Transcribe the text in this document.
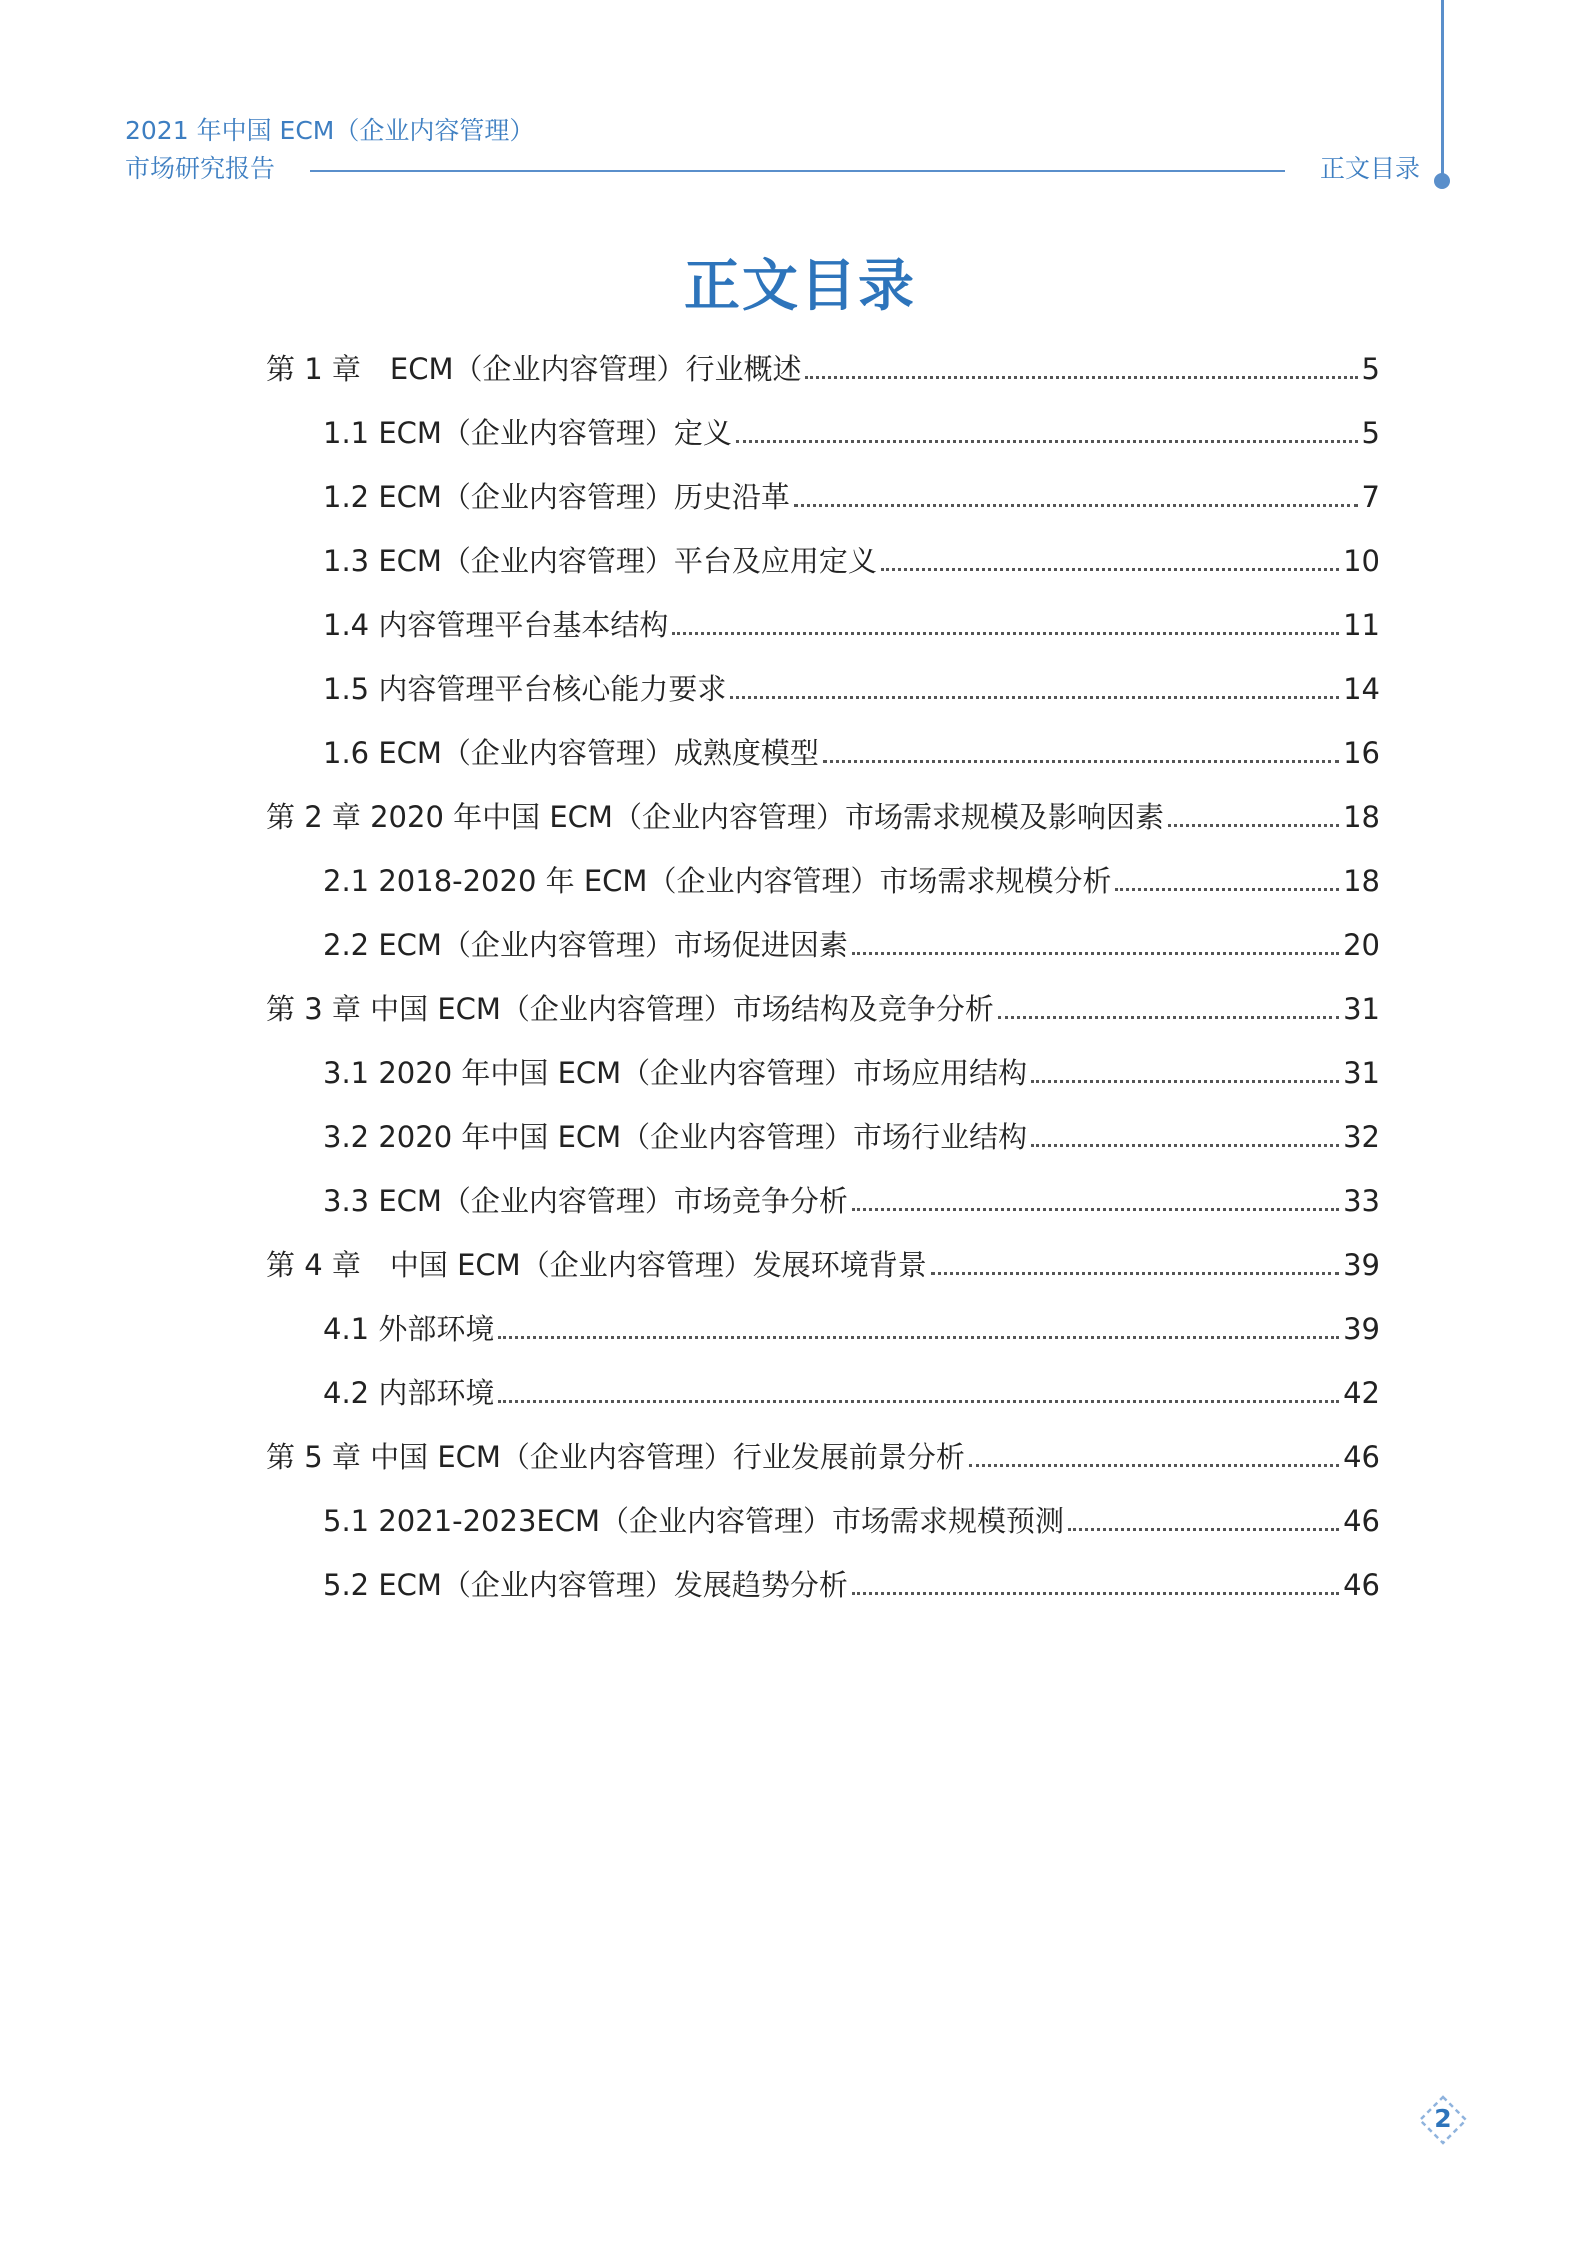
2021 年中国 ECM（企业内容管理）
市场研究报告	正文目录
正文目录
第 1 章　ECM（企业内容管理）行业概述	5
1.1 ECM（企业内容管理）定义	5
1.2 ECM（企业内容管理）历史沿革	7
1.3 ECM（企业内容管理）平台及应用定义	10
1.4 内容管理平台基本结构	11
1.5 内容管理平台核心能力要求	14
1.6 ECM（企业内容管理）成熟度模型	16
第 2 章 2020 年中国 ECM（企业内容管理）市场需求规模及影响因素	18
2.1 2018-2020 年 ECM（企业内容管理）市场需求规模分析	18
2.2 ECM（企业内容管理）市场促进因素	20
第 3 章 中国 ECM（企业内容管理）市场结构及竞争分析	31
3.1 2020 年中国 ECM（企业内容管理）市场应用结构	31
3.2 2020 年中国 ECM（企业内容管理）市场行业结构	32
3.3 ECM（企业内容管理）市场竞争分析	33
第 4 章　中国 ECM（企业内容管理）发展环境背景	39
4.1 外部环境	39
4.2 内部环境	42
第 5 章 中国 ECM（企业内容管理）行业发展前景分析	46
5.1 2021-2023ECM（企业内容管理）市场需求规模预测	46
5.2 ECM（企业内容管理）发展趋势分析	46
2
